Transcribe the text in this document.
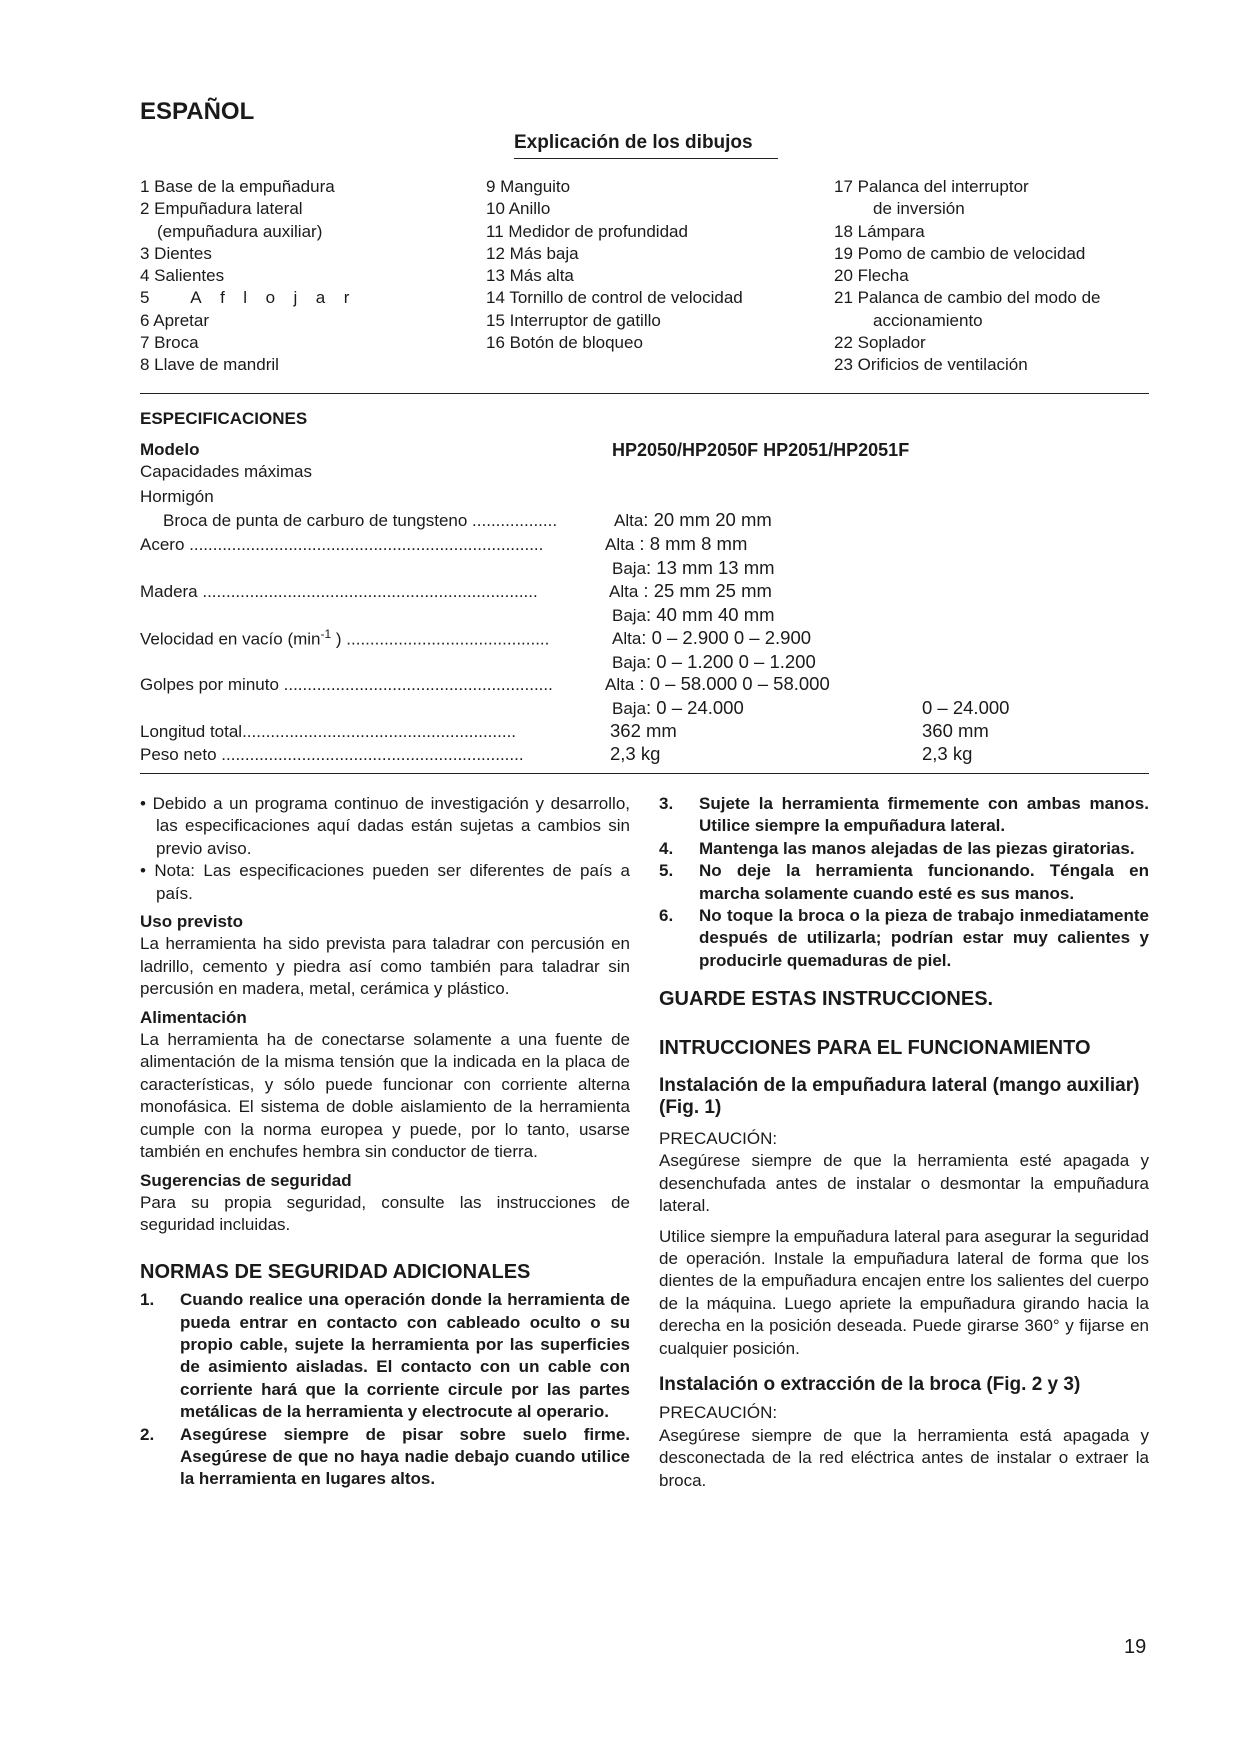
ESPAÑOL
Explicación de los dibujos
1 Base de la empuñadura
2 Empuñadura lateral
(empuñadura auxiliar)
3 Dientes
4 Salientes
5 Aflojar
6 Apretar
7 Broca
8 Llave de mandril
9 Manguito
10 Anillo
11 Medidor de profundidad
12 Más baja
13 Más alta
14 Tornillo de control de velocidad
15 Interruptor de gatillo
16 Botón de bloqueo
17 Palanca del interruptor
de inversión
18 Lámpara
19 Pomo de cambio de velocidad
20 Flecha
21 Palanca de cambio del modo de
accionamiento
22 Soplador
23 Orificios de ventilación
ESPECIFICACIONES
Modelo	HP2050/HP2050F HP2051/HP2051F
Capacidades máximas
Hormigón
Broca de punta de carburo de tungsteno ..................	Alta: 20 mm 20 mm
Acero ...........................................................................	Alta : 8 mm 8 mm
Baja: 13 mm 13 mm
Madera .......................................................................	Alta : 25 mm 25 mm
Baja: 40 mm 40 mm
Velocidad en vacío ($\min^{-1}$ ) ...........................................	Alta: 0 – 2.900 0 – 2.900
Baja: 0 – 1.200 0 – 1.200
Golpes por minuto .........................................................	Alta : 0 – 58.000 0 – 58.000
Baja: 0 – 24.000	0 – 24.000
Longitud total..........................................................	362 mm	360 mm
Peso neto ................................................................	2,3 kg	2,3 kg

• Debido a un programa continuo de investigación y desarrollo, las especificaciones aquí dadas están sujetas a cambios sin previo aviso.

• Nota: Las especificaciones pueden ser diferentes de país a país.

Uso previsto

La herramienta ha sido prevista para taladrar con percusión en ladrillo, cemento y piedra así como también para taladrar sin percusión en madera, metal, cerámica y plástico.

Alimentación

La herramienta ha de conectarse solamente a una fuente de alimentación de la misma tensión que la indicada en la placa de características, y sólo puede funcionar con corriente alterna monofásica. El sistema de doble aislamiento de la herramienta cumple con la norma europea y puede, por lo tanto, usarse también en enchufes hembra sin conductor de tierra.

Sugerencias de seguridad

Para su propia seguridad, consulte las instrucciones de seguridad incluidas.

NORMAS DE SEGURIDAD ADICIONALES

1.	Cuando realice una operación donde la herramienta de pueda entrar en contacto con cableado oculto o su propio cable, sujete la herramienta por las superficies de asimiento aisladas. El contacto con un cable con corriente hará que la corriente circule por las partes metálicas de la herramienta y electrocute al operario.
2.	Asegúrese siempre de pisar sobre suelo firme. Asegúrese de que no haya nadie debajo cuando utilice la herramienta en lugares altos.
3.	Sujete la herramienta firmemente con ambas manos. Utilice siempre la empuñadura lateral.
4.	Mantenga las manos alejadas de las piezas giratorias.
5.	No deje la herramienta funcionando. Téngala en marcha solamente cuando esté es sus manos.
6.	No toque la broca o la pieza de trabajo inmediatamente después de utilizarla; podrían estar muy calientes y producirle quemaduras de piel.

GUARDE ESTAS INSTRUCCIONES.

INTRUCCIONES PARA EL FUNCIONAMIENTO

Instalación de la empuñadura lateral (mango auxiliar) (Fig. 1)

PRECAUCIÓN:

Asegúrese siempre de que la herramienta esté apagada y desenchufada antes de instalar o desmontar la empuñadura lateral.

Utilice siempre la empuñadura lateral para asegurar la seguridad de operación. Instale la empuñadura lateral de forma que los dientes de la empuñadura encajen entre los salientes del cuerpo de la máquina. Luego apriete la empuñadura girando hacia la derecha en la posición deseada. Puede girarse 360° y fijarse en cualquier posición.

Instalación o extracción de la broca (Fig. 2 y 3)

PRECAUCIÓN:

Asegúrese siempre de que la herramienta está apagada y desconectada de la red eléctrica antes de instalar o extraer la broca.

19
